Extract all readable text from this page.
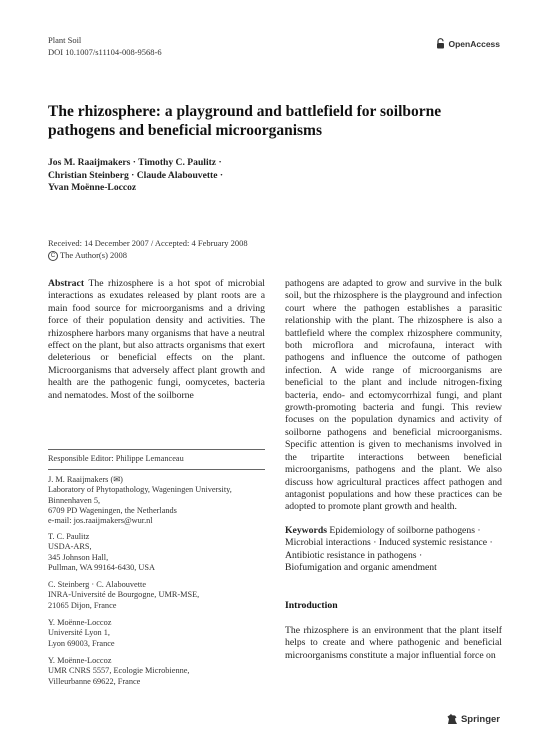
Plant Soil
DOI 10.1007/s11104-008-9568-6
OpenAccess
The rhizosphere: a playground and battlefield for soilborne pathogens and beneficial microorganisms
Jos M. Raaijmakers · Timothy C. Paulitz ·
Christian Steinberg · Claude Alabouvette ·
Yvan Moënne-Loccoz
Received: 14 December 2007 / Accepted: 4 February 2008
C The Author(s) 2008

Abstract The rhizosphere is a hot spot of microbial interactions as exudates released by plant roots are a main food source for microorganisms and a driving force of their population density and activities. The rhizosphere harbors many organisms that have a neutral effect on the plant, but also attracts organisms that exert deleterious or beneficial effects on the plant. Microorganisms that adversely affect plant growth and health are the pathogenic fungi, oomycetes, bacteria and nematodes. Most of the soilborne

Responsible Editor: Philippe Lemanceau
J. M. Raaijmakers (✉)
Laboratory of Phytopathology, Wageningen University,
Binnenhaven 5,
6709 PD Wageningen, the Netherlands
e-mail: jos.raaijmakers@wur.nl
T. C. Paulitz
USDA-ARS,
345 Johnson Hall,
Pullman, WA 99164-6430, USA
C. Steinberg · C. Alabouvette
INRA-Université de Bourgogne, UMR-MSE,
21065 Dijon, France
Y. Moënne-Loccoz
Université Lyon 1,
Lyon 69003, France
Y. Moënne-Loccoz
UMR CNRS 5557, Ecologie Microbienne,
Villeurbanne 69622, France

pathogens are adapted to grow and survive in the bulk soil, but the rhizosphere is the playground and infection court where the pathogen establishes a parasitic relationship with the plant. The rhizosphere is also a battlefield where the complex rhizosphere community, both microflora and microfauna, interact with pathogens and influence the outcome of pathogen infection. A wide range of microorganisms are beneficial to the plant and include nitrogen-fixing bacteria, endo- and ectomycorrhizal fungi, and plant growth-promoting bacteria and fungi. This review focuses on the population dynamics and activity of soilborne pathogens and beneficial microorganisms. Specific attention is given to mechanisms involved in the tripartite interactions between beneficial microorganisms, pathogens and the plant. We also discuss how agricultural practices affect pathogen and antagonist populations and how these practices can be adopted to promote plant growth and health.

Keywords Epidemiology of soilborne pathogens ·
Microbial interactions · Induced systemic resistance ·
Antibiotic resistance in pathogens ·
Biofumigation and organic amendment
Introduction
The rhizosphere is an environment that the plant itself helps to create and where pathogenic and beneficial microorganisms constitute a major influential force on
Springer
